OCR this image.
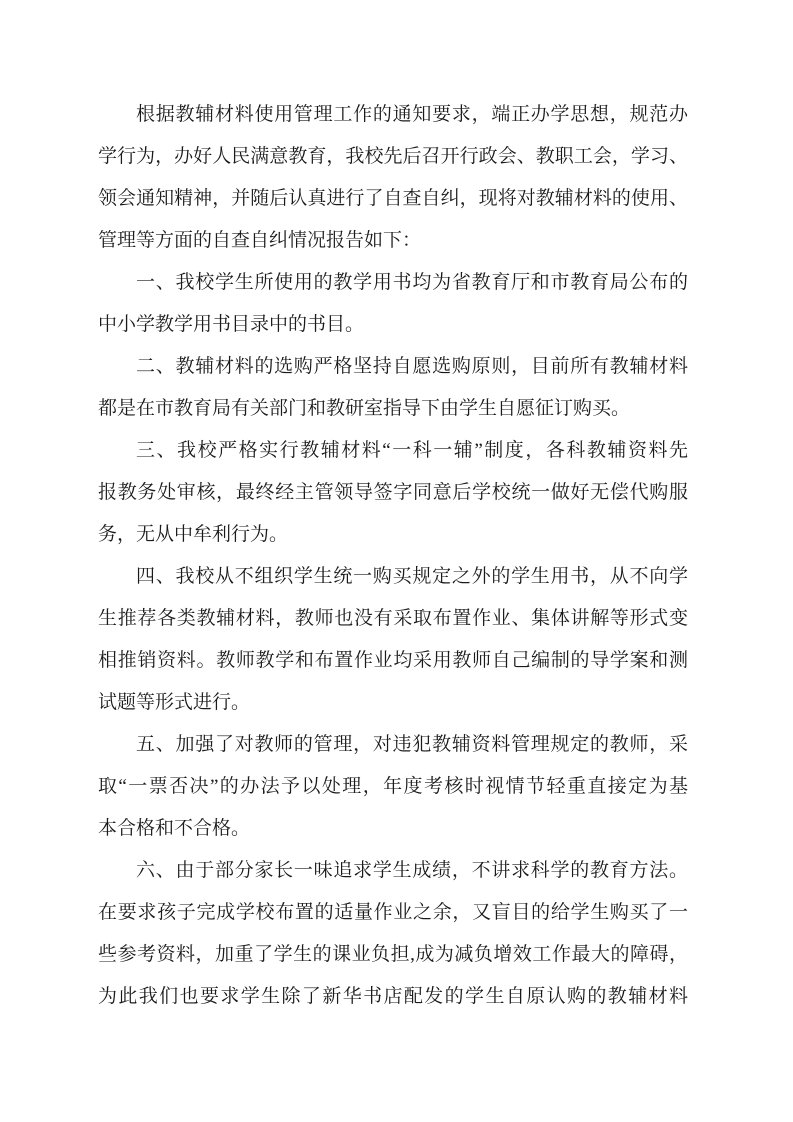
根据教辅材料使用管理工作的通知要求，端正办学思想，规范办
学行为，办好人民满意教育，我校先后召开行政会、教职工会，学习、
领会通知精神，并随后认真进行了自查自纠，现将对教辅材料的使用、
管理等方面的自查自纠情况报告如下：
一、我校学生所使用的教学用书均为省教育厅和市教育局公布的
中小学教学用书目录中的书目。
二、教辅材料的选购严格坚持自愿选购原则，目前所有教辅材料
都是在市教育局有关部门和教研室指导下由学生自愿征订购买。
三、我校严格实行教辅材料“一科一辅”制度，各科教辅资料先
报教务处审核，最终经主管领导签字同意后学校统一做好无偿代购服
务，无从中牟利行为。
四、我校从不组织学生统一购买规定之外的学生用书，从不向学
生推荐各类教辅材料，教师也没有采取布置作业、集体讲解等形式变
相推销资料。教师教学和布置作业均采用教师自己编制的导学案和测
试题等形式进行。
五、加强了对教师的管理，对违犯教辅资料管理规定的教师，采
取“一票否决”的办法予以处理，年度考核时视情节轻重直接定为基
本合格和不合格。
六、由于部分家长一味追求学生成绩，不讲求科学的教育方法。
在要求孩子完成学校布置的适量作业之余，又盲目的给学生购买了一
些参考资料，加重了学生的课业负担,成为减负增效工作最大的障碍，
为此我们也要求学生除了新华书店配发的学生自原认购的教辅材料
